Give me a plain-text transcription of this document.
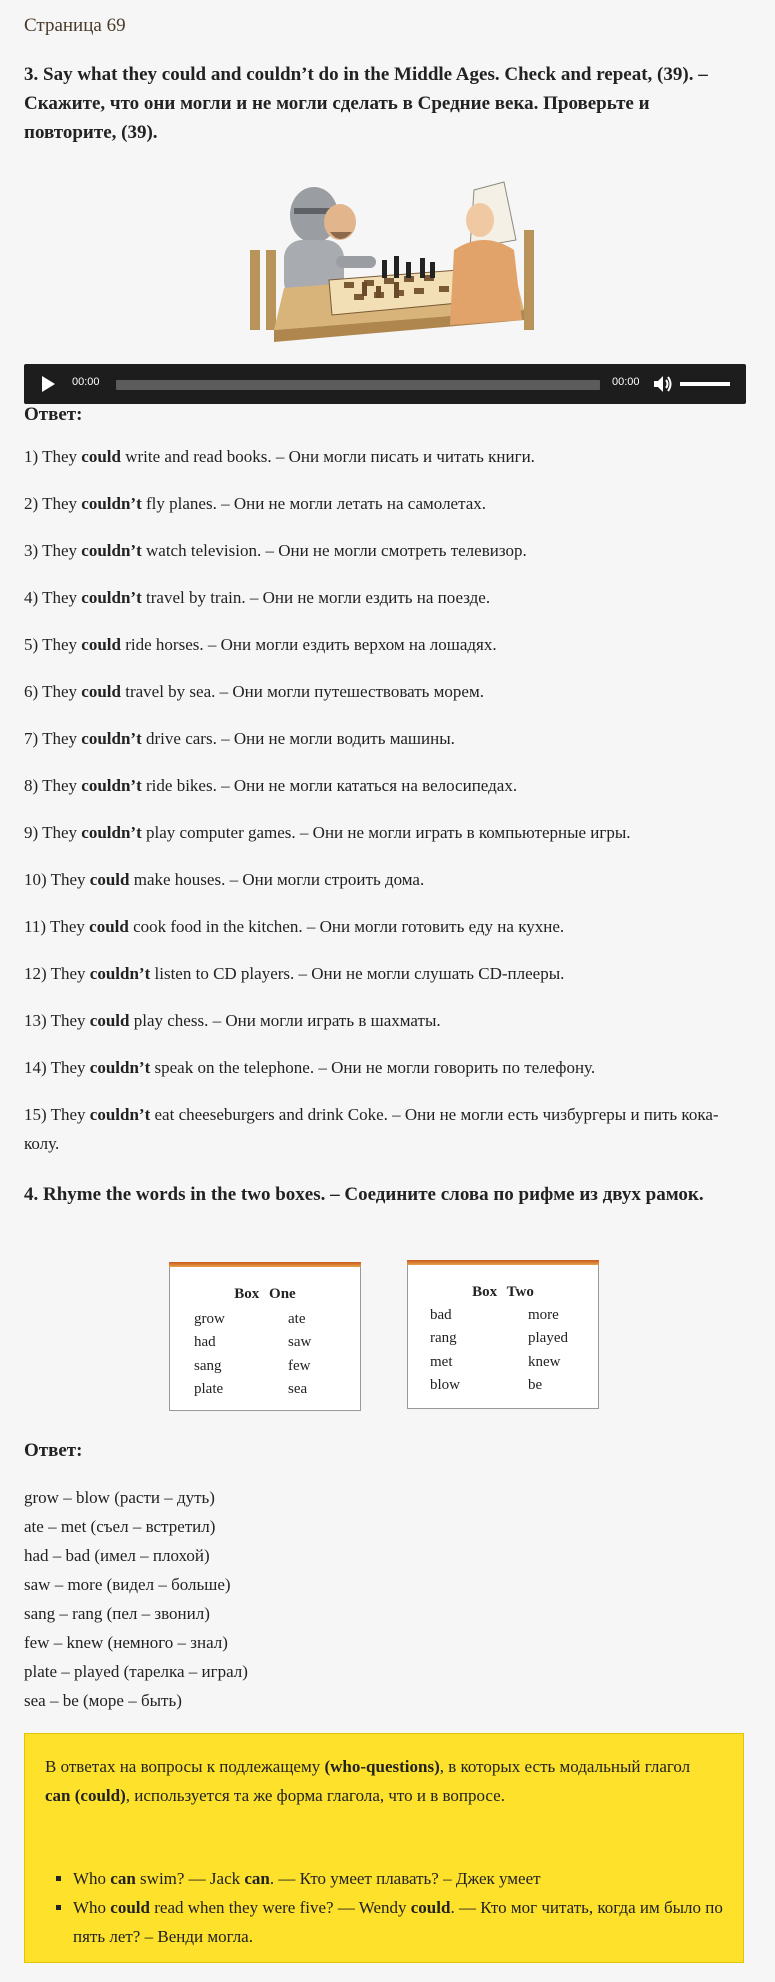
Страница 69
3. Say what they could and couldn’t do in the Middle Ages. Check and repeat, (39). – Скажите, что они могли и не могли сделать в Средние века. Проверьте и повторите, (39).
00:00	00:00
Ответ:
1) They could write and read books. – Они могли писать и читать книги.
2) They couldn’t fly planes. – Они не могли летать на самолетах.
3) They couldn’t watch television. – Они не могли смотреть телевизор.
4) They couldn’t travel by train. – Они не могли ездить на поезде.
5) They could ride horses. – Они могли ездить верхом на лошадях.
6) They could travel by sea. – Они могли путешествовать морем.
7) They couldn’t drive cars. – Они не могли водить машины.
8) They couldn’t ride bikes. – Они не могли кататься на велосипедах.
9) They couldn’t play computer games. – Они не могли играть в компьютерные игры.
10) They could make houses. – Они могли строить дома.
11) They could cook food in the kitchen. – Они могли готовить еду на кухне.
12) They couldn’t listen to CD players. – Они не могли слушать CD-плееры.
13) They could play chess. – Они могли играть в шахматы.
14) They couldn’t speak on the telephone. – Они не могли говорить по телефону.
15) They couldn’t eat cheeseburgers and drink Coke. – Они не могли есть чизбургеры и пить кока-колу.
4. Rhyme the words in the two boxes. – Соедините слова по рифме из двух рамок.
Box One
grow
had
sang
plate
ate
saw
few
sea
Box Two
bad
rang
met
blow
more
played
knew
be
Ответ:
grow – blow (расти – дуть)
ate – met (съел – встретил)
had – bad (имел – плохой)
saw – more (видел – больше)
sang – rang (пел – звонил)
few – knew (немного – знал)
plate – played (тарелка – играл)
sea – be (море – быть)

В ответах на вопросы к подлежащему (who-questions), в которых есть модальный глагол can (could), используется та же форма глагола, что и в вопросе.

▪ Who can swim? — Jack can. — Кто умеет плавать? – Джек умеет
▪ Who could read when they were five? — Wendy could. — Кто мог читать, когда им было по пять лет? – Венди могла.
